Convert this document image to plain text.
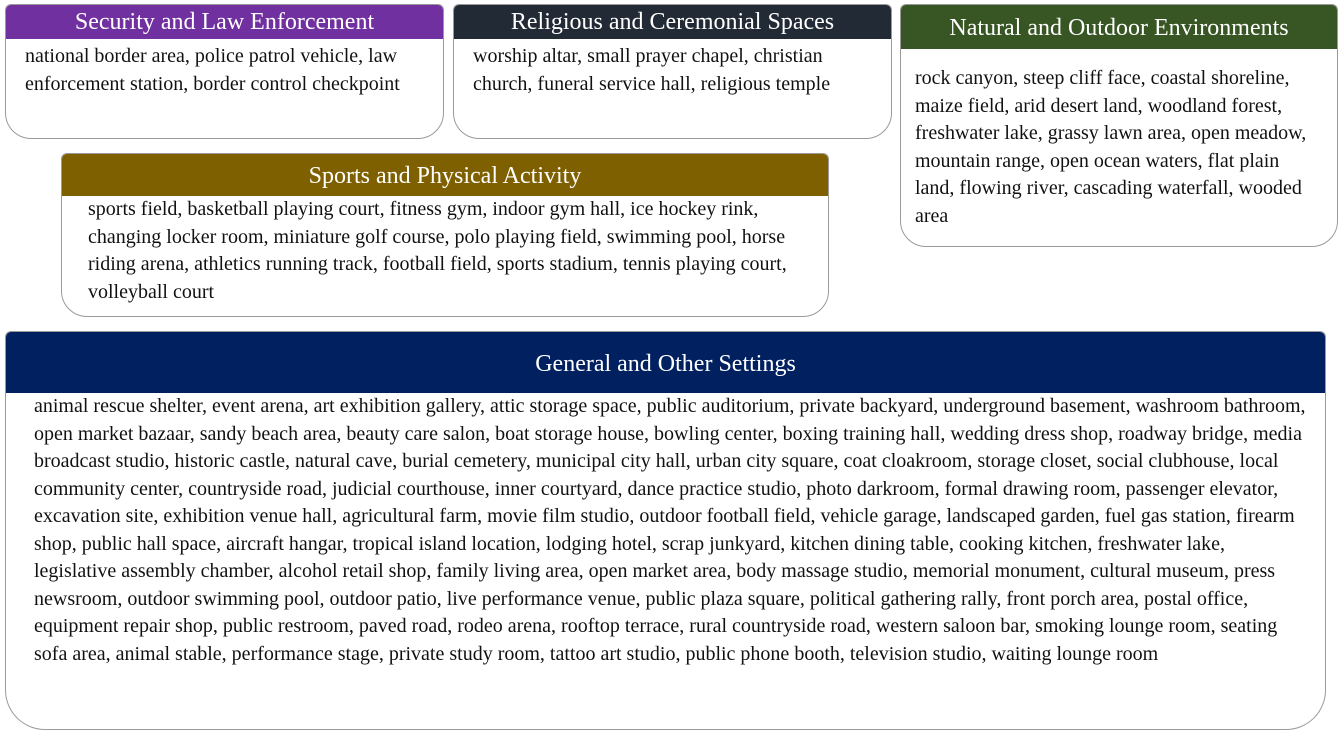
Security and Law Enforcement
national border area, police patrol vehicle, law enforcement station, border control checkpoint
Religious and Ceremonial Spaces
worship altar, small prayer chapel, christian church, funeral service hall, religious temple
Natural and Outdoor Environments
rock canyon, steep cliff face, coastal shoreline, maize field, arid desert land, woodland forest, freshwater lake, grassy lawn area, open meadow, mountain range, open ocean waters, flat plain land, flowing river, cascading waterfall, wooded area
Sports and Physical Activity
sports field, basketball playing court, fitness gym, indoor gym hall, ice hockey rink, changing locker room, miniature golf course, polo playing field, swimming pool, horse riding arena, athletics running track, football field, sports stadium, tennis playing court, volleyball court
General and Other Settings
animal rescue shelter, event arena, art exhibition gallery, attic storage space, public auditorium, private backyard, underground basement, washroom bathroom, open market bazaar, sandy beach area, beauty care salon, boat storage house, bowling center, boxing training hall, wedding dress shop, roadway bridge, media broadcast studio, historic castle, natural cave, burial cemetery, municipal city hall, urban city square, coat cloakroom, storage closet, social clubhouse, local community center, countryside road, judicial courthouse, inner courtyard, dance practice studio, photo darkroom, formal drawing room, passenger elevator, excavation site, exhibition venue hall, agricultural farm, movie film studio, outdoor football field, vehicle garage, landscaped garden, fuel gas station, firearm shop, public hall space, aircraft hangar, tropical island location, lodging hotel, scrap junkyard, kitchen dining table, cooking kitchen, freshwater lake, legislative assembly chamber, alcohol retail shop, family living area, open market area, body massage studio, memorial monument, cultural museum, press newsroom, outdoor swimming pool, outdoor patio, live performance venue, public plaza square, political gathering rally, front porch area, postal office, equipment repair shop, public restroom, paved road, rodeo arena, rooftop terrace, rural countryside road, western saloon bar, smoking lounge room, seating sofa area, animal stable, performance stage, private study room, tattoo art studio, public phone booth, television studio, waiting lounge room
